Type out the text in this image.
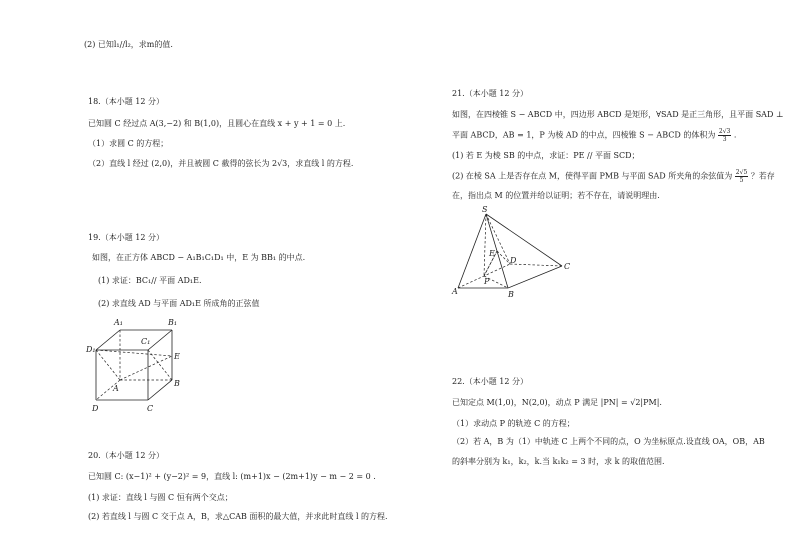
(2) 已知l₁//l₂，求m的值.
18.（本小题 12 分）
已知圆 C 经过点 A(3,−2) 和 B(1,0)，且圆心在直线 x + y + 1 = 0 上.
（1）求圆 C 的方程；
（2）直线 l 经过 (2,0)，并且被圆 C 截得的弦长为 2√3，求直线 l 的方程.
19.（本小题 12 分）
如图，在正方体 ABCD − A₁B₁C₁D₁ 中，E 为 BB₁ 的中点.
(1) 求证：BC₁// 平面 AD₁E.
(2) 求直线 AD 与平面 AD₁E 所成角的正弦值
A₁	B₁
C₁
D₁
E
A
B
D	C
20.（本小题 12 分）
已知圆 C: (x−1)² + (y−2)² = 9，直线 l: (m+1)x − (2m+1)y − m − 2 = 0 .
(1) 求证：直线 l 与圆 C 恒有两个交点；
(2) 若直线 l 与圆 C 交于点 A，B，求△CAB 面积的最大值，并求此时直线 l 的方程.
21.（本小题 12 分）
如图，在四棱锥 S − ABCD 中，四边形 ABCD 是矩形，∀SAD 是正三角形，且平面 SAD ⊥
平面 ABCD，AB = 1，P 为棱 AD 的中点，四棱锥 S − ABCD 的体积为 $\frac{2√3}{3}$ .
(1) 若 E 为棱 SB 的中点，求证：PE // 平面 SCD；
(2) 在棱 SA 上是否存在点 M，使得平面 PMB 与平面 SAD 所夹角的余弦值为 $\frac{2√5}{5}$ ？若存
在，指出点 M 的位置并给以证明；若不存在，请说明理由.
S
E
D
C
P
A	B
22.（本小题 12 分）
已知定点 M(1,0)，N(2,0)，动点 P 满足 |PN| = √2|PM|.
（1）求动点 P 的轨迹 C 的方程；
（2）若 A，B 为（1）中轨迹 C 上两个不同的点，O 为坐标原点.设直线 OA，OB，AB
的斜率分别为 k₁，k₂，k.当 k₁k₂ = 3 时，求 k 的取值范围.
